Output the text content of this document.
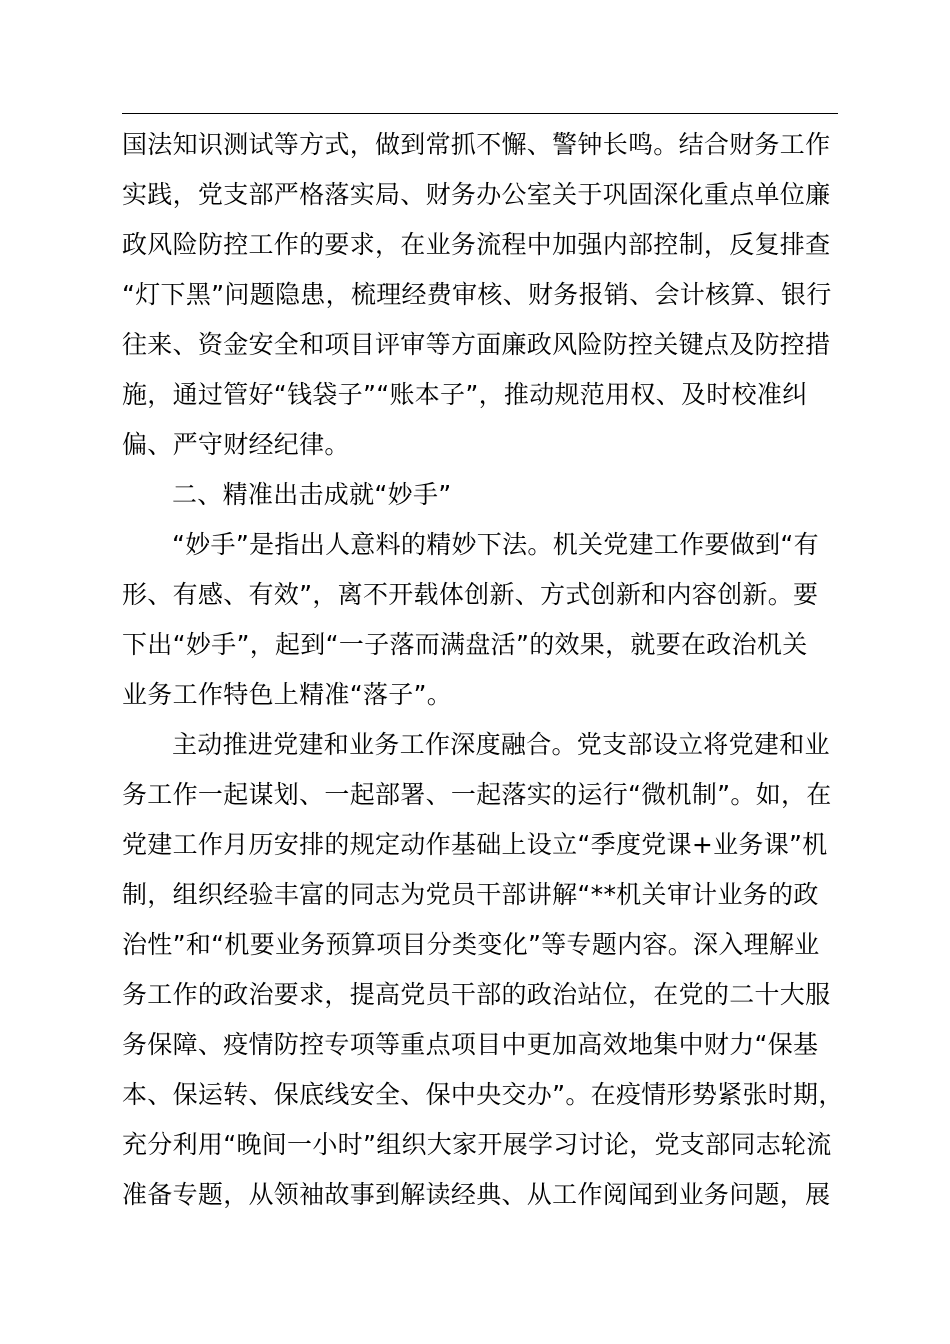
国法知识测试等方式，做到常抓不懈、警钟长鸣。结合财务工作
实践，党支部严格落实局、财务办公室关于巩固深化重点单位廉
政风险防控工作的要求，在业务流程中加强内部控制，反复排查
“灯下黑”问题隐患，梳理经费审核、财务报销、会计核算、银行
往来、资金安全和项目评审等方面廉政风险防控关键点及防控措
施，通过管好“钱袋子”“账本子”，推动规范用权、及时校准纠
偏、严守财经纪律。
二、精准出击成就“妙手”
“妙手”是指出人意料的精妙下法。机关党建工作要做到“有
形、有感、有效”，离不开载体创新、方式创新和内容创新。要
下出“妙手”，起到“一子落而满盘活”的效果，就要在政治机关
业务工作特色上精准“落子”。
主动推进党建和业务工作深度融合。党支部设立将党建和业
务工作一起谋划、一起部署、一起落实的运行“微机制”。如，在
党建工作月历安排的规定动作基础上设立“季度党课+业务课”机
制，组织经验丰富的同志为党员干部讲解“**机关审计业务的政
治性”和“机要业务预算项目分类变化”等专题内容。深入理解业
务工作的政治要求，提高党员干部的政治站位，在党的二十大服
务保障、疫情防控专项等重点项目中更加高效地集中财力“保基
本、保运转、保底线安全、保中央交办”。在疫情形势紧张时期，
充分利用“晚间一小时”组织大家开展学习讨论，党支部同志轮流
准备专题，从领袖故事到解读经典、从工作阅闻到业务问题，展
